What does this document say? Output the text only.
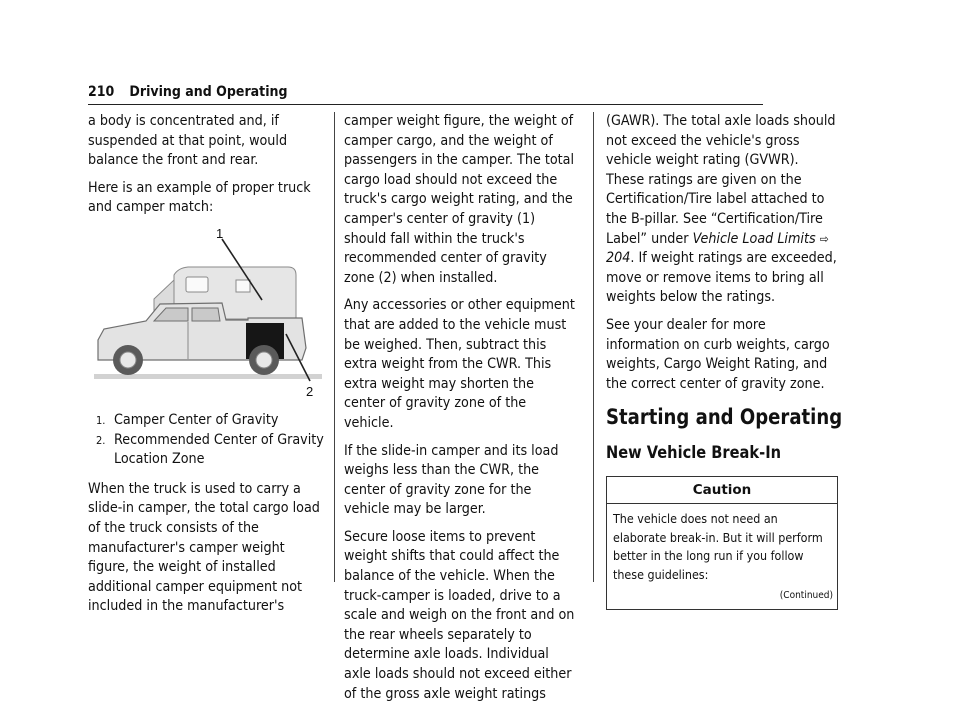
210 Driving and Operating

a body is concentrated and, if suspended at that point, would balance the front and rear.

Here is an example of proper truck and camper match:

1
2
1. Camper Center of Gravity
2. Recommended Center of Gravity Location Zone

When the truck is used to carry a slide-in camper, the total cargo load of the truck consists of the manufacturer's camper weight figure, the weight of installed additional camper equipment not included in the manufacturer's

camper weight figure, the weight of camper cargo, and the weight of passengers in the camper. The total cargo load should not exceed the truck's cargo weight rating, and the camper's center of gravity (1) should fall within the truck's recommended center of gravity zone (2) when installed.

Any accessories or other equipment that are added to the vehicle must be weighed. Then, subtract this extra weight from the CWR. This extra weight may shorten the center of gravity zone of the vehicle.

If the slide-in camper and its load weighs less than the CWR, the center of gravity zone for the vehicle may be larger.

Secure loose items to prevent weight shifts that could affect the balance of the vehicle. When the truck-camper is loaded, drive to a scale and weigh on the front and on the rear wheels separately to determine axle loads. Individual axle loads should not exceed either of the gross axle weight ratings

(GAWR). The total axle loads should not exceed the vehicle's gross vehicle weight rating (GVWR). These ratings are given on the Certification/Tire label attached to the B-pillar. See “Certification/Tire Label” under Vehicle Load Limits ⇨ 204. If weight ratings are exceeded, move or remove items to bring all weights below the ratings.

See your dealer for more information on curb weights, cargo weights, Cargo Weight Rating, and the correct center of gravity zone.

Starting and Operating
New Vehicle Break-In
Caution
The vehicle does not need an elaborate break-in. But it will perform better in the long run if you follow these guidelines:
(Continued)
